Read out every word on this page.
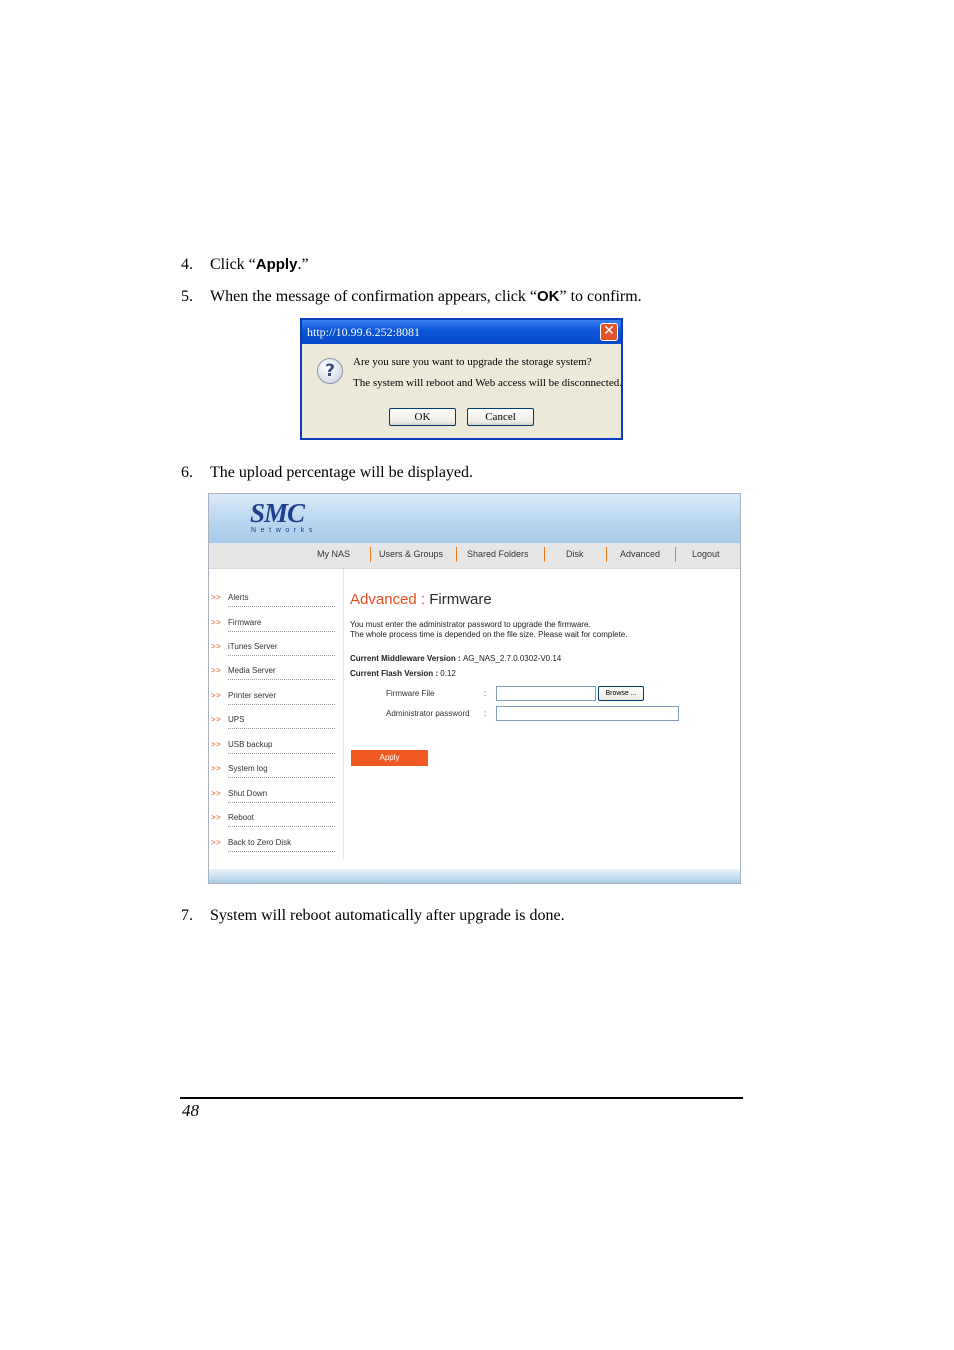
4. Click “Apply.”
5. When the message of confirmation appears, click “OK” to confirm.
http://10.99.6.252:8081	✕
?	Are you sure you want to upgrade the storage system?
The system will reboot and Web access will be disconnected.
OK	Cancel
6. The upload percentage will be displayed.
SMC
Networks
My NAS	Users & Groups	Shared Folders	Disk	Advanced	Logout
>> Alerts
>> Firmware
>> iTunes Server
>> Media Server
>> Printer server
>> UPS
>> USB backup
>> System log
>> Shut Down
>> Reboot
>> Back to Zero Disk
Advanced : Firmware
You must enter the administrator password to upgrade the firmware.
The whole process time is depended on the file size. Please wait for complete.
Current Middleware Version : AG_NAS_2.7.0.0302-V0.14
Current Flash Version : 0.12
Firmware File	:	Browse ...
Administrator password :
Apply
7. System will reboot automatically after upgrade is done.
48
